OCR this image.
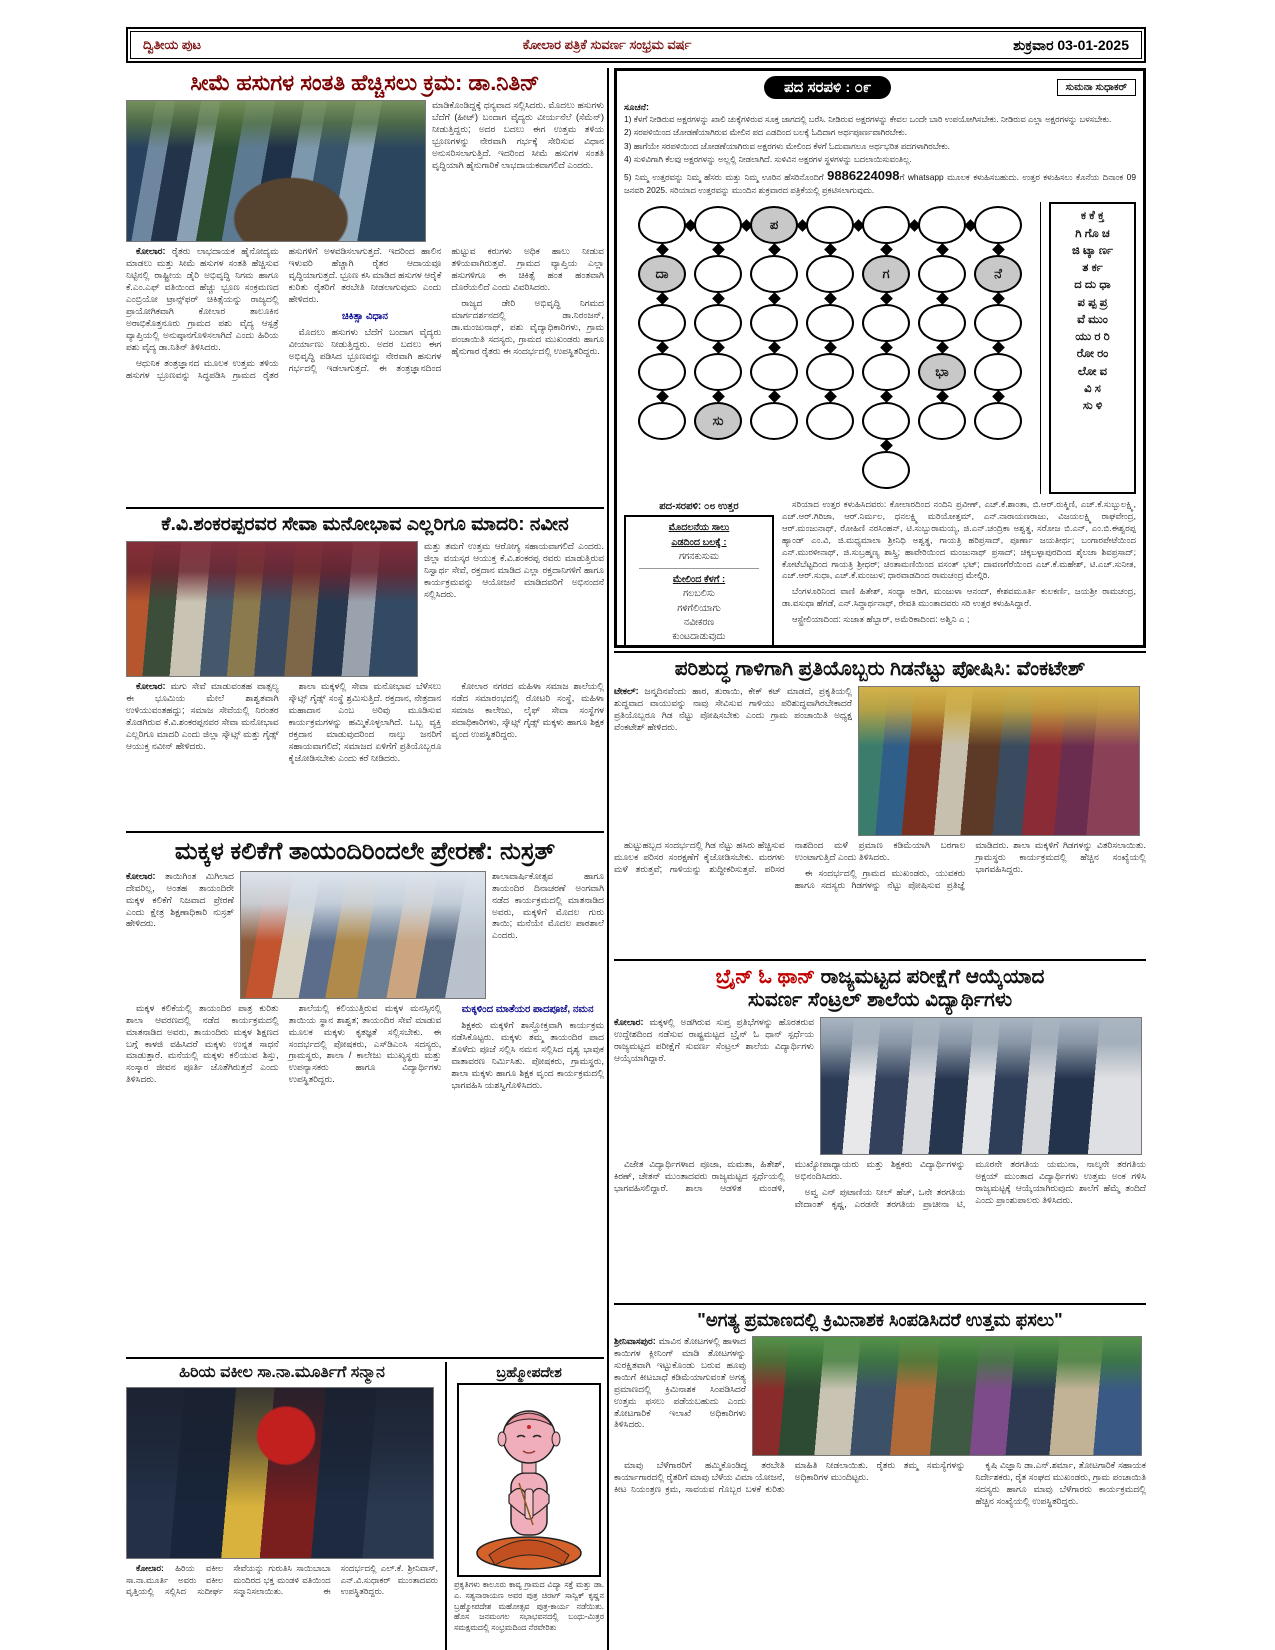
ದ್ವಿತೀಯ ಪುಟ	ಕೋಲಾರ ಪತ್ರಿಕೆ ಸುವರ್ಣ ಸಂಭ್ರಮ ವರ್ಷ	ಶುಕ್ರವಾರ 03-01-2025
ಸೀಮೆ ಹಸುಗಳ ಸಂತತಿ ಹೆಚ್ಚಿಸಲು ಕ್ರಮ: ಡಾ.ನಿತಿನ್
ಮಾಡಿಕೊಂಡಿದ್ದಕ್ಕೆ ಧನ್ಯವಾದ ಸಲ್ಲಿಸಿದರು. ಮೊದಲು ಹಸುಗಳು ಬೆದೆಗೆ (ಹೀಟ್) ಬಂದಾಗ ವೈದ್ಯರು ವೀರ್ಯನೆಲೆ (ಸೆಮೆನ್) ನೀಡುತ್ತಿದ್ದರು; ಅದರ ಬದಲು ಈಗ ಉತ್ತಮ ತಳಿಯ ಭ್ರೂಣಗಳನ್ನು ನೇರವಾಗಿ ಗರ್ಭಕ್ಕೆ ಸೇರಿಸುವ ವಿಧಾನ ಅನುಸರಿಸಲಾಗುತ್ತಿದೆ. ಇದರಿಂದ ಸೀಮೆ ಹಸುಗಳ ಸಂತತಿ ವೃದ್ಧಿಯಾಗಿ ಹೈನುಗಾರಿಕೆ ಲಾಭದಾಯಕವಾಗಲಿದೆ ಎಂದರು.

ಕೋಲಾರ: ರೈತರು ಲಾಭದಾಯಕ ಹೈನೋದ್ಯಮ ಮಾಡಲು ಮತ್ತು ಸೀಮೆ ಹಸುಗಳ ಸಂತತಿ ಹೆಚ್ಚಿಸುವ ನಿಟ್ಟಿನಲ್ಲಿ ರಾಷ್ಟ್ರೀಯ ಡೈರಿ ಅಭಿವೃದ್ಧಿ ನಿಗಮ ಹಾಗೂ ಕೆ.ಎಂ.ಎಫ್ ವತಿಯಿಂದ ಹೆಚ್ಚು ಭ್ರೂಣ ಸಂಕ್ರಮಣದ ಎಂಬ್ರಿಯೋ ಟ್ರಾನ್ಸ್‌ಫರ್ ಚಿಕಿತ್ಸೆಯನ್ನು ರಾಜ್ಯದಲ್ಲಿ ಪ್ರಾಯೋಗಿಕವಾಗಿ ಕೋಲಾರ ತಾಲೂಕಿನ ಅರಾಭಿಕೊತ್ತನೂರು ಗ್ರಾಮದ ಪಶು ವೈದ್ಯ ಆಸ್ಪತ್ರೆ ವ್ಯಾಪ್ತಿಯಲ್ಲಿ ಅನುಷ್ಠಾನಗೊಳಿಸಲಾಗಿದೆ ಎಂದು ಹಿರಿಯ ಪಶು ವೈದ್ಯ ಡಾ.ನಿತಿನ್ ತಿಳಿಸಿದರು.

ಆಧುನಿಕ ತಂತ್ರಜ್ಞಾನದ ಮೂಲಕ ಉತ್ತಮ ತಳಿಯ ಹಸುಗಳ ಭ್ರೂಣವನ್ನು ಸಿದ್ಧಪಡಿಸಿ ಗ್ರಾಮದ ರೈತರ ಹಸುಗಳಿಗೆ ಅಳವಡಿಸಲಾಗುತ್ತದೆ. ಇದರಿಂದ ಹಾಲಿನ ಇಳುವರಿ ಹೆಚ್ಚಾಗಿ ರೈತರ ಆದಾಯವೂ ವೃದ್ಧಿಯಾಗುತ್ತದೆ. ಭ್ರೂಣ ಕಸಿ ಮಾಡಿದ ಹಸುಗಳ ಆರೈಕೆ ಕುರಿತು ರೈತರಿಗೆ ತರಬೇತಿ ನೀಡಲಾಗುವುದು ಎಂದು ಹೇಳಿದರು.

ಚಿಕಿತ್ಸಾ ವಿಧಾನ

ಮೊದಲು ಹಸುಗಳು ಬೆದೆಗೆ ಬಂದಾಗ ವೈದ್ಯರು ವೀರ್ಯಾಣು ನೀಡುತ್ತಿದ್ದರು. ಅದರ ಬದಲು ಈಗ ಅಭಿವೃದ್ಧಿ ಪಡಿಸಿದ ಭ್ರೂಣವನ್ನು ನೇರವಾಗಿ ಹಸುಗಳ ಗರ್ಭದಲ್ಲಿ ಇಡಲಾಗುತ್ತದೆ. ಈ ತಂತ್ರಜ್ಞಾನದಿಂದ ಹುಟ್ಟುವ ಕರುಗಳು ಅಧಿಕ ಹಾಲು ನೀಡುವ ತಳಿಯವಾಗಿರುತ್ತವೆ. ಗ್ರಾಮದ ವ್ಯಾಪ್ತಿಯ ಎಲ್ಲಾ ಹಸುಗಳಿಗೂ ಈ ಚಿಕಿತ್ಸೆ ಹಂತ ಹಂತವಾಗಿ ದೊರೆಯಲಿದೆ ಎಂದು ವಿವರಿಸಿದರು.

ರಾಜ್ಯದ ಡೇರಿ ಅಭಿವೃದ್ಧಿ ನಿಗಮದ ಮಾರ್ಗದರ್ಶನದಲ್ಲಿ ಡಾ.ನಿರಂಜನ್, ಡಾ.ಮಂಜುನಾಥ್, ಪಶು ವೈದ್ಯಾಧಿಕಾರಿಗಳು, ಗ್ರಾಮ ಪಂಚಾಯಿತಿ ಸದಸ್ಯರು, ಗ್ರಾಮದ ಮುಖಂಡರು ಹಾಗೂ ಹೈನುಗಾರ ರೈತರು ಈ ಸಂದರ್ಭದಲ್ಲಿ ಉಪಸ್ಥಿತರಿದ್ದರು.

ಕೆ.ವಿ.ಶಂಕರಪ್ಪರವರ ಸೇವಾ ಮನೋಭಾವ ಎಲ್ಲರಿಗೂ ಮಾದರಿ: ನವೀನ
ಮತ್ತು ತಮಗೆ ಉತ್ತಮ ಆರೋಗ್ಯ ಸಹಾಯವಾಗಲಿದೆ ಎಂದರು. ಜಿಲ್ಲಾ ವಯಸ್ಕರ ಆಯುಕ್ತ ಕೆ.ವಿ.ಶಂಕರಪ್ಪ ರವರು ಮಾಡುತ್ತಿರುವ ನಿಸ್ವಾರ್ಥ ಸೇವೆ, ರಕ್ತದಾನ ಮಾಡಿದ ಎಲ್ಲಾ ರಕ್ತದಾನಿಗಳಿಗೆ ಹಾಗೂ ಕಾರ್ಯಕ್ರಮವನ್ನು ಆಯೋಜನೆ ಮಾಡಿದವರಿಗೆ ಅಭಿನಂದನೆ ಸಲ್ಲಿಸಿದರು.

ಕೋಲಾರ: ಮಗು ಸೇವೆ ಮಾಡುವಂತಹ ವಾತ್ಸಲ್ಯ ಈ ಭೂಮಿಯ ಮೇಲೆ ಶಾಶ್ವತವಾಗಿ ಉಳಿಯುವಂತಹದ್ದು; ಸಮಾಜ ಸೇವೆಯಲ್ಲಿ ನಿರಂತರ ತೊಡಗಿರುವ ಕೆ.ವಿ.ಶಂಕರಪ್ಪನವರ ಸೇವಾ ಮನೋಭಾವ ಎಲ್ಲರಿಗೂ ಮಾದರಿ ಎಂದು ಜಿಲ್ಲಾ ಸ್ಕೌಟ್ಸ್ ಮತ್ತು ಗೈಡ್ಸ್ ಆಯುಕ್ತ ನವೀನ್ ಹೇಳಿದರು.

ಶಾಲಾ ಮಕ್ಕಳಲ್ಲಿ ಸೇವಾ ಮನೋಭಾವ ಬೆಳೆಸಲು ಸ್ಕೌಟ್ಸ್ ಗೈಡ್ಸ್ ಸಂಸ್ಥೆ ಶ್ರಮಿಸುತ್ತಿದೆ. ರಕ್ತದಾನ, ನೇತ್ರದಾನ ಮಹಾದಾನ ಎಂಬ ಅರಿವು ಮೂಡಿಸುವ ಕಾರ್ಯಕ್ರಮಗಳನ್ನು ಹಮ್ಮಿಕೊಳ್ಳಲಾಗಿದೆ. ಒಬ್ಬ ವ್ಯಕ್ತಿ ರಕ್ತದಾನ ಮಾಡುವುದರಿಂದ ನಾಲ್ಕು ಜನರಿಗೆ ಸಹಾಯವಾಗಲಿದೆ; ಸಮಾಜದ ಏಳಿಗೆಗೆ ಪ್ರತಿಯೊಬ್ಬರೂ ಕೈಜೋಡಿಸಬೇಕು ಎಂದು ಕರೆ ನೀಡಿದರು.

ಕೋಲಾರ ನಗರದ ಮಹಿಳಾ ಸಮಾಜ ಶಾಲೆಯಲ್ಲಿ ನಡೆದ ಸಮಾರಂಭದಲ್ಲಿ ರೋಟರಿ ಸಂಸ್ಥೆ, ಮಹಿಳಾ ಸಮಾಜ ಕಾಲೇಜು, ಲೈಫ್ ಸೇವಾ ಸಂಸ್ಥೆಗಳ ಪದಾಧಿಕಾರಿಗಳು, ಸ್ಕೌಟ್ಸ್ ಗೈಡ್ಸ್ ಮಕ್ಕಳು ಹಾಗೂ ಶಿಕ್ಷಕ ವೃಂದ ಉಪಸ್ಥಿತರಿದ್ದರು.

ಮಕ್ಕಳ ಕಲಿಕೆಗೆ ತಾಯಂದಿರಿಂದಲೇ ಪ್ರೇರಣೆ: ನುಸ್ರತ್
ಕೋಲಾರ: ತಾಯಿಗಿಂತ ಮಿಗಿಲಾದ ದೇವರಿಲ್ಲ, ಅಂತಹ ತಾಯಂದಿರೇ ಮಕ್ಕಳ ಕಲಿಕೆಗೆ ನಿಜವಾದ ಪ್ರೇರಣೆ ಎಂದು ಕ್ಷೇತ್ರ ಶಿಕ್ಷಣಾಧಿಕಾರಿ ನುಸ್ರತ್ ಹೇಳಿದರು.
ಶಾಲಾವಾರ್ಷಿಕೋತ್ಸವ ಹಾಗೂ ತಾಯಂದಿರ ದಿನಾಚರಣೆ ಅಂಗವಾಗಿ ನಡೆದ ಕಾರ್ಯಕ್ರಮದಲ್ಲಿ ಮಾತನಾಡಿದ ಅವರು, ಮಕ್ಕಳಿಗೆ ಮೊದಲ ಗುರು ತಾಯಿ; ಮನೆಯೇ ಮೊದಲ ಪಾಠಶಾಲೆ ಎಂದರು.

ಮಕ್ಕಳ ಕಲಿಕೆಯಲ್ಲಿ ತಾಯಂದಿರ ಪಾತ್ರ ಕುರಿತು ಶಾಲಾ ಆವರಣದಲ್ಲಿ ನಡೆದ ಕಾರ್ಯಕ್ರಮದಲ್ಲಿ ಮಾತನಾಡಿದ ಅವರು, ತಾಯಂದಿರು ಮಕ್ಕಳ ಶಿಕ್ಷಣದ ಬಗ್ಗೆ ಕಾಳಜಿ ವಹಿಸಿದರೆ ಮಕ್ಕಳು ಉನ್ನತ ಸಾಧನೆ ಮಾಡುತ್ತಾರೆ. ಮನೆಯಲ್ಲಿ ಮಕ್ಕಳು ಕಲಿಯುವ ಶಿಸ್ತು, ಸಂಸ್ಕಾರ ಜೀವನ ಪೂರ್ತಿ ಜೊತೆಗಿರುತ್ತದೆ ಎಂದು ತಿಳಿಸಿದರು.

ಶಾಲೆಯಲ್ಲಿ ಕಲಿಯುತ್ತಿರುವ ಮಕ್ಕಳ ಮನಸ್ಸಿನಲ್ಲಿ ತಾಯಿಯ ಸ್ಥಾನ ಶಾಶ್ವತ; ತಾಯಂದಿರ ಸೇವೆ ಮಾಡುವ ಮೂಲಕ ಮಕ್ಕಳು ಕೃತಜ್ಞತೆ ಸಲ್ಲಿಸಬೇಕು. ಈ ಸಂದರ್ಭದಲ್ಲಿ ಪೋಷಕರು, ಎಸ್‌ಡಿಎಂಸಿ ಸದಸ್ಯರು, ಗ್ರಾಮಸ್ಥರು, ಶಾಲಾ / ಕಾಲೇಜು ಮುಖ್ಯಸ್ಥರು ಮತ್ತು ಉಪನ್ಯಾಸಕರು ಹಾಗೂ ವಿದ್ಯಾರ್ಥಿಗಳು ಉಪಸ್ಥಿತರಿದ್ದರು.

ಮಕ್ಕಳಿಂದ ಮಾತೆಯರ ಪಾದಪೂಜೆ, ನಮನ

ಶಿಕ್ಷಕರು ಮಕ್ಕಳಿಗೆ ಶಾಸ್ತ್ರೋಕ್ತವಾಗಿ ಕಾರ್ಯಕ್ರಮ ನಡೆಸಿಕೊಟ್ಟರು. ಮಕ್ಕಳು ತಮ್ಮ ತಾಯಂದಿರ ಪಾದ ತೊಳೆದು ಪೂಜೆ ಸಲ್ಲಿಸಿ ನಮನ ಸಲ್ಲಿಸಿದ ದೃಶ್ಯ ಭಾವುಕ ವಾತಾವರಣ ನಿರ್ಮಿಸಿತು. ಪೋಷಕರು, ಗ್ರಾಮಸ್ಥರು, ಶಾಲಾ ಮಕ್ಕಳು ಹಾಗೂ ಶಿಕ್ಷಕ ವೃಂದ ಕಾರ್ಯಕ್ರಮದಲ್ಲಿ ಭಾಗವಹಿಸಿ ಯಶಸ್ವಿಗೊಳಿಸಿದರು.

ಹಿರಿಯ ವಕೀಲ ಸಾ.ನಾ.ಮೂರ್ತಿಗೆ ಸನ್ಮಾನ

ಕೋಲಾರ: ಹಿರಿಯ ವಕೀಲ ಸಾ.ನಾ.ಮೂರ್ತಿ ಅವರು ವಕೀಲ ವೃತ್ತಿಯಲ್ಲಿ ಸಲ್ಲಿಸಿದ ಸುದೀರ್ಘ ಸೇವೆಯನ್ನು ಗುರುತಿಸಿ ಸಾಯಿಬಾಬಾ ಮಂದಿರದ ಭಕ್ತ ಮಂಡಳಿ ವತಿಯಿಂದ ಸನ್ಮಾನಿಸಲಾಯಿತು. ಈ ಸಂದರ್ಭದಲ್ಲಿ ಎಲ್.ಕೆ. ಶ್ರೀನಿವಾಸ್, ಎನ್.ವಿ.ಸುಧಾಕರ್ ಮುಂತಾದವರು ಉಪಸ್ಥಿತರಿದ್ದರು.

ಬ್ರಹ್ಮೋಪದೇಶ
ಪ್ರಕೃತಿಗಳು ಕಾಲೂರು ಕಾವ್ಯ ಗ್ರಾಮದ ವಿದ್ಯಾ ಸಕ್ತೆ ಮತ್ತು ಡಾ. ಎ. ಸತ್ಯನಾರಾಯಣ ಅವರ ಪುತ್ರ ಚಿರಾಗ್ ಸಾನ್ವಿಕ್ ಕೃಷ್ಣನ ಬ್ರಹ್ಮೋಪದೇಶ ಮಹೋತ್ಸವ ಪುತ್ರ-ಕಾರ್ಯ ನಡೆಯಿತು. ಹೊಸ ಜನಮಂಗಲ ಸಭಾಭವನದಲ್ಲಿ ಬಂಧು-ಮಿತ್ರರ ಸಮಕ್ಷಮದಲ್ಲಿ ಸಂಭ್ರಮದಿಂದ ನೆರವೇರಿತು
ಪದ ಸರಪಳಿ : ೦೯	ಸುಮನಾ ಸುಧಾಕರ್
ಸೂಚನೆ:
1) ಕೆಳಗೆ ನೀಡಿರುವ ಅಕ್ಷರಗಳನ್ನು ಖಾಲಿ ಚುಕ್ಕೆಗಳಿರುವ ಸೂಕ್ತ ಜಾಗದಲ್ಲಿ ಬರೆಸಿ. ನೀಡಿರುವ ಅಕ್ಷರಗಳನ್ನು ಕೇವಲ ಒಂದೇ ಬಾರಿ ಉಪಯೋಗಿಸಬೇಕು. ನೀಡಿರುವ ಎಲ್ಲಾ ಅಕ್ಷರಗಳನ್ನು ಬಳಸಬೇಕು.
2) ಸರಪಳಿಯಿಂದ ಜೋಡಣೆಯಾಗಿರುವ ಮೇಲಿನ ಪದ ಎಡದಿಂದ ಬಲಕ್ಕೆ ಓದಿದಾಗ ಅರ್ಥಪೂರ್ಣವಾಗಿರಬೇಕು.
3) ಹಾಗೆಯೇ ಸರಪಳಿಯಿಂದ ಜೋಡಣೆಯಾಗಿರುವ ಅಕ್ಷರಗಳು ಮೇಲಿಂದ ಕೆಳಗೆ ಓದುವಾಗಲೂ ಅರ್ಥಭರಿತ ಪದಗಳಾಗಿರಬೇಕು.
4) ಸುಳಿವಿಗಾಗಿ ಕೆಲವು ಅಕ್ಷರಗಳನ್ನು ಅಲ್ಲಲ್ಲಿ ನೀಡಲಾಗಿದೆ. ಸುಳಿವಿನ ಅಕ್ಷರಗಳ ಸ್ಥಳಗಳನ್ನು ಬದಲಾಯಿಸುವಂತಿಲ್ಲ.
5) ನಿಮ್ಮ ಉತ್ತರವನ್ನು ನಿಮ್ಮ ಹೆಸರು ಮತ್ತು ನಿಮ್ಮ ಊರಿನ ಹೆಸರಿನೊಂದಿಗೆ 9886224098ಗೆ whatsapp ಮೂಲಕ ಕಳುಹಿಸಬಹುದು. ಉತ್ತರ ಕಳುಹಿಸಲು ಕೊನೆಯ ದಿನಾಂಕ 09 ಜನವರಿ 2025. ಸರಿಯಾದ ಉತ್ತರವನ್ನು ಮುಂದಿನ ಶುಕ್ರವಾರದ ಪತ್ರಿಕೆಯಲ್ಲಿ ಪ್ರಕಟಿಸಲಾಗುವುದು.
ಪ
ದಾ	ಗ	ನೆ
ಭಾ
ಸು
ಕ ಕೆ ಕ್ತ
ಗಿ ಗೊ ಚ
ಜಿ ಟ್ಕಾ ರ್ಣ
ತ ರ್ಕ
ದ ದು ಧಾ
ಪ ಪ್ಪ ಪ್ರ
ವೆ ಮುಂ
ಯು ರ ರಿ
ರೋ ರಂ
ಲೋ ವ
ವಿ ಸ
ಸು ಳಿ
ಪದ-ಸರಪಳಿ: ೦೮ ಉತ್ತರ
ಮೊದಲನೆಯ ಸಾಲು
ಎಡದಿಂದ ಬಲಕ್ಕೆ :
ಗಗನಕುಸುಮ
ಮೇಲಿಂದ ಕೆಳಗೆ :
ಗಲಬಲಿಸು
ಗಳಿಗೆಲಿಯಾಗು
ನವೀಕರಣ
ಕುಂಟದಾಡುವುದು

ಸರಿಯಾದ ಉತ್ತರ ಕಳುಹಿಸಿದವರು: ಕೋಲಾರದಿಂದ ನಂದಿನಿ ಪ್ರವೀಣ್, ಎಚ್.ಕೆ.ಶಾಂತಾ, ಬಿ.ಆರ್.ರುಕ್ಮಿಣಿ, ಎಚ್.ಕೆ.ಸುಬ್ಬುಲಕ್ಷ್ಮಿ, ಎಚ್.ಆರ್.ಗಿರಿಜಾ, ಆರ್.ನಿರ್ಮಲ, ಧನಲಕ್ಷ್ಮಿ ಮರಿಯೋತ್ತಮ್, ಎನ್.ನಾರಾಯಣರಾಜು, ವಿಜಯಲಕ್ಷ್ಮಿ ರಾಘವೇಂದ್ರ, ಆರ್.ಮಂಜುನಾಥ್, ರೋಹಿಣಿ ನರಸಿಂಹನ್, ಟಿ.ಸುಬ್ಬುರಾಮಯ್ಯ, ಜಿ.ಎನ್.ಚಂದ್ರಿಕಾ ಅಶ್ವತ್ಥ, ಸರೋಜ ಬಿ.ಎನ್, ಎಂ.ಬಿ.ಈಶ್ವರಪ್ಪ ಹ್ಯಾಂಡ್ ಎಂ.ವಿ, ಜಿ.ಮಧ್ಯಮಾಲಾ ಶ್ರೀನಿಧಿ ಅಶ್ವತ್ಥ, ಗಾಯತ್ರಿ ಹರಿಪ್ರಸಾದ್, ಪೂರ್ಣಾ ಜಯತೀರ್ಥ; ಬಂಗಾರಪೇಟೆಯಿಂದ ಎನ್.ಮುರಳೀನಾಥ್, ಜಿ.ಸುಬ್ರಹ್ಮಣ್ಯ ಶಾಸ್ತ್ರಿ; ಹಾವೇರಿಯಿಂದ ಮಂಜುನಾಥ್ ಪ್ರಸಾದ್; ಚಿಕ್ಕಬಳ್ಳಾಪುರದಿಂದ ಶೈಲಜಾ ಶಿವಪ್ರಸಾದ್; ಕೋಟೆಬೆಟ್ಟದಿಂದ ಗಾಯತ್ರಿ ಶ್ರೀಧರ್; ಚಿಂತಾಮಣಿಯಿಂದ ವಸಂತ್ ಭಟ್; ದಾವಣಗೆರೆಯಿಂದ ಎಚ್.ಕೆ.ಮಹೇಶ್, ಟಿ.ಎಚ್.ಸುನೀತ, ಎಚ್.ಆರ್.ಸುಧಾ, ಎಚ್.ಕೆ.ಮಂಜುಳ; ಧಾರವಾಡದಿಂದ ರಾಮಚಂದ್ರ ಮೇಲ್ಗಿರಿ.

ಬೆಂಗಳೂರಿನಿಂದ ವಾಣಿ ಹಿತೇಶ್, ಸಂಧ್ಯಾ ಅಡಿಗ, ಮಂಜುಳಾ ಆನಂದ್, ಕೇಶವಮೂರ್ತಿ ಕುಲಕರ್ಣಿ, ಜಯಶ್ರೀ ರಾಮಚಂದ್ರ, ಡಾ.ವಸುಧಾ ಹೆಗಡೆ, ಎನ್.ಸಿದ್ಧಾರ್ಥನಾಥ್, ರೇವತಿ ಮುಂತಾದವರು ಸರಿ ಉತ್ತರ ಕಳುಹಿಸಿದ್ದಾರೆ.

ಆಸ್ಟ್ರೇಲಿಯಾದಿಂದ: ಸುಜಾತ ಹೆಬ್ಬಾರ್, ಅಮೆರಿಕಾದಿಂದ: ಅಶ್ವಿನಿ ಎ ;

ಪರಿಶುದ್ಧ ಗಾಳಿಗಾಗಿ ಪ್ರತಿಯೊಬ್ಬರು ಗಿಡನೆಟ್ಟು ಪೋಷಿಸಿ: ವೆಂಕಟೇಶ್
ಟೇಕಲ್: ಜನ್ಮದಿನವೆಂದು ಹಾರ, ತುರಾಯಿ, ಕೇಕ್ ಕಟ್ ಮಾಡದೆ, ಪ್ರಕೃತಿಯಲ್ಲಿ ಶುದ್ಧವಾದ ವಾಯುವನ್ನು ನಾವು ಸೇವಿಸುವ ಗಾಳಿಯು ಪರಿಶುದ್ಧವಾಗಿರಬೇಕಾದರೆ ಪ್ರತಿಯೊಬ್ಬರೂ ಗಿಡ ನೆಟ್ಟು ಪೋಷಿಸಬೇಕು ಎಂದು ಗ್ರಾಮ ಪಂಚಾಯಿತಿ ಅಧ್ಯಕ್ಷ ವೆಂಕಟೇಶ್ ಹೇಳಿದರು.

ಹುಟ್ಟುಹಬ್ಬದ ಸಂದರ್ಭದಲ್ಲಿ ಗಿಡ ನೆಟ್ಟು ಹಸಿರು ಹೆಚ್ಚಿಸುವ ಮೂಲಕ ಪರಿಸರ ಸಂರಕ್ಷಣೆಗೆ ಕೈಜೋಡಿಸಬೇಕು. ಮರಗಳು ಮಳೆ ತರುತ್ತವೆ; ಗಾಳಿಯನ್ನು ಶುದ್ಧೀಕರಿಸುತ್ತವೆ. ಪರಿಸರ ನಾಶದಿಂದ ಮಳೆ ಪ್ರಮಾಣ ಕಡಿಮೆಯಾಗಿ ಬರಗಾಲ ಉಂಟಾಗುತ್ತಿದೆ ಎಂದು ತಿಳಿಸಿದರು.

ಈ ಸಂದರ್ಭದಲ್ಲಿ ಗ್ರಾಮದ ಮುಖಂಡರು, ಯುವಕರು ಹಾಗೂ ಸದಸ್ಯರು ಗಿಡಗಳನ್ನು ನೆಟ್ಟು ಪೋಷಿಸುವ ಪ್ರತಿಜ್ಞೆ ಮಾಡಿದರು. ಶಾಲಾ ಮಕ್ಕಳಿಗೆ ಗಿಡಗಳನ್ನು ವಿತರಿಸಲಾಯಿತು. ಗ್ರಾಮಸ್ಥರು ಕಾರ್ಯಕ್ರಮದಲ್ಲಿ ಹೆಚ್ಚಿನ ಸಂಖ್ಯೆಯಲ್ಲಿ ಭಾಗವಹಿಸಿದ್ದರು.

ಬ್ರೈನ್ ಓ ಥಾನ್ ರಾಜ್ಯಮಟ್ಟದ ಪರೀಕ್ಷೆಗೆ ಆಯ್ಕೆಯಾದ
ಸುವರ್ಣ ಸೆಂಟ್ರಲ್ ಶಾಲೆಯ ವಿದ್ಯಾರ್ಥಿಗಳು
ಕೋಲಾರ: ಮಕ್ಕಳಲ್ಲಿ ಅಡಗಿರುವ ಸುಪ್ತ ಪ್ರತಿಭೆಗಳನ್ನು ಹೊರತರುವ ಉದ್ದೇಶದಿಂದ ನಡೆಸುವ ರಾಷ್ಟ್ರಮಟ್ಟದ ಬ್ರೈನ್ ಓ ಥಾನ್ ಸ್ಪರ್ಧೆಯ ರಾಜ್ಯಮಟ್ಟದ ಪರೀಕ್ಷೆಗೆ ಸುವರ್ಣ ಸೆಂಟ್ರಲ್ ಶಾಲೆಯ ವಿದ್ಯಾರ್ಥಿಗಳು ಆಯ್ಕೆಯಾಗಿದ್ದಾರೆ.

ವಿಜೇತ ವಿದ್ಯಾರ್ಥಿಗಳಾದ ಪೂಜಾ, ಮಮತಾ, ಹಿತೇಶ್, ಕಿರಣ್, ಚೇತನ್ ಮುಂತಾದವರು ರಾಜ್ಯಮಟ್ಟದ ಸ್ಪರ್ಧೆಯಲ್ಲಿ ಭಾಗವಹಿಸಲಿದ್ದಾರೆ. ಶಾಲಾ ಆಡಳಿತ ಮಂಡಳಿ, ಮುಖ್ಯೋಪಾಧ್ಯಾಯರು ಮತ್ತು ಶಿಕ್ಷಕರು ವಿದ್ಯಾರ್ಥಿಗಳನ್ನು ಅಭಿನಂದಿಸಿದರು.

ಅವ್ವ ಎನ್ ಪುಟಾಣಿಯ ನೀಲ್ ಹೆಚ್, ಒನೇ ತರಗತಿಯ ವೇದಾಂತ್ ಕೃಷ್ಣ, ಎರಡನೇ ತರಗತಿಯ ಪ್ರಾಚೀನಾ ಟಿ, ಮೂರನೇ ತರಗತಿಯ ಯಮುನಾ, ನಾಲ್ಕನೇ ತರಗತಿಯ ಅಕ್ಷಯ್ ಮುಂತಾದ ವಿದ್ಯಾರ್ಥಿಗಳು ಉತ್ತಮ ಅಂಕ ಗಳಿಸಿ ರಾಜ್ಯಮಟ್ಟಕ್ಕೆ ಆಯ್ಕೆಯಾಗಿರುವುದು ಶಾಲೆಗೆ ಹೆಮ್ಮೆ ತಂದಿದೆ ಎಂದು ಪ್ರಾಂಶುಪಾಲರು ತಿಳಿಸಿದರು.

"ಅಗತ್ಯ ಪ್ರಮಾಣದಲ್ಲಿ ಕ್ರಿಮಿನಾಶಕ ಸಿಂಪಡಿಸಿದರೆ ಉತ್ತಮ ಫಸಲು"
ಶ್ರೀನಿವಾಸಪುರ: ಮಾವಿನ ತೋಟಗಳಲ್ಲಿ ಹಾಳಾದ ಕಾಯಿಗಳ ಕ್ಲೀನಿಂಗ್ ಮಾಡಿ ತೋಟಗಳನ್ನು ಸುರಕ್ಷಿತವಾಗಿ ಇಟ್ಟುಕೊಂಡು ಬರುವ ಹೂವು ಕಾಯಿಗೆ ಕೀಟಬಾಧೆ ಕಡಿಮೆಯಾಗುವಂತೆ ಅಗತ್ಯ ಪ್ರಮಾಣದಲ್ಲಿ ಕ್ರಿಮಿನಾಶಕ ಸಿಂಪಡಿಸಿದರೆ ಉತ್ತಮ ಫಸಲು ಪಡೆಯಬಹುದು ಎಂದು ತೋಟಗಾರಿಕೆ ಇಲಾಖೆ ಅಧಿಕಾರಿಗಳು ತಿಳಿಸಿದರು.

ಮಾವು ಬೆಳೆಗಾರರಿಗೆ ಹಮ್ಮಿಕೊಂಡಿದ್ದ ತರಬೇತಿ ಕಾರ್ಯಾಗಾರದಲ್ಲಿ ರೈತರಿಗೆ ಮಾವು ಬೆಳೆಯ ವಿಮಾ ಯೋಜನೆ, ಕೀಟ ನಿಯಂತ್ರಣ ಕ್ರಮ, ಸಾವಯವ ಗೊಬ್ಬರ ಬಳಕೆ ಕುರಿತು ಮಾಹಿತಿ ನೀಡಲಾಯಿತು. ರೈತರು ತಮ್ಮ ಸಮಸ್ಯೆಗಳನ್ನು ಅಧಿಕಾರಿಗಳ ಮುಂದಿಟ್ಟರು.

ಕೃಷಿ ವಿಜ್ಞಾನಿ ಡಾ.ಎನ್.ಶರ್ಮಾ, ತೋಟಗಾರಿಕೆ ಸಹಾಯಕ ನಿರ್ದೇಶಕರು, ರೈತ ಸಂಘದ ಮುಖಂಡರು, ಗ್ರಾಮ ಪಂಚಾಯಿತಿ ಸದಸ್ಯರು ಹಾಗೂ ಮಾವು ಬೆಳೆಗಾರರು ಕಾರ್ಯಕ್ರಮದಲ್ಲಿ ಹೆಚ್ಚಿನ ಸಂಖ್ಯೆಯಲ್ಲಿ ಉಪಸ್ಥಿತರಿದ್ದರು.
